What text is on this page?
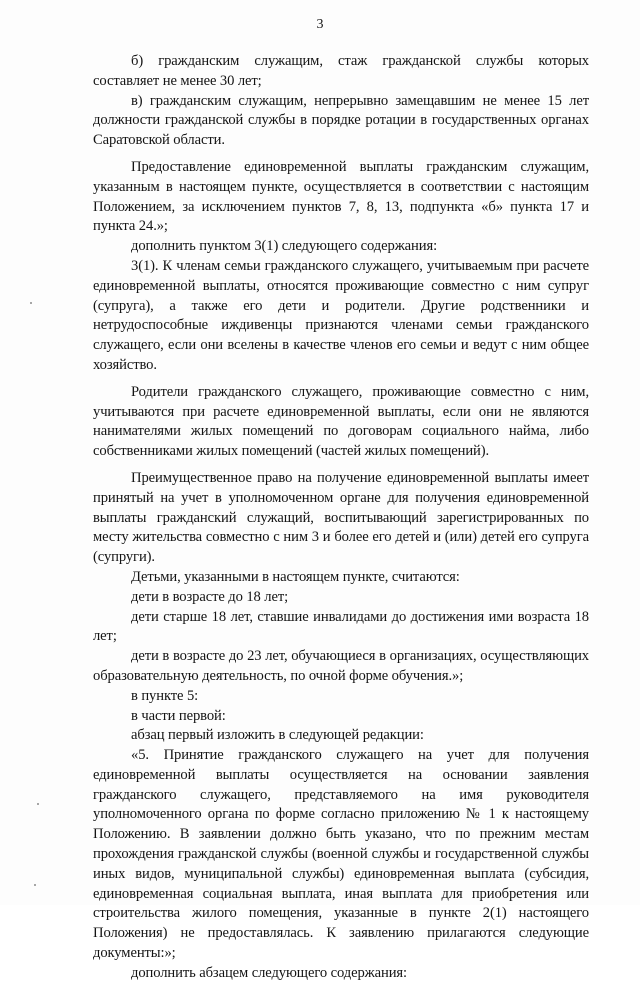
3

б) гражданским служащим, стаж гражданской службы которых составляет не менее 30 лет;

в) гражданским служащим, непрерывно замещавшим не менее 15 лет должности гражданской службы в порядке ротации в государственных органах Саратовской области.

Предоставление единовременной выплаты гражданским служащим, указанным в настоящем пункте, осуществляется в соответствии с настоящим Положением, за исключением пунктов 7, 8, 13, подпункта «б» пункта 17 и пункта 24.»;

дополнить пунктом 3(1) следующего содержания:

3(1). К членам семьи гражданского служащего, учитываемым при расчете единовременной выплаты, относятся проживающие совместно с ним супруг (супруга), а также его дети и родители. Другие родственники и нетрудоспособные иждивенцы признаются членами семьи гражданского служащего, если они вселены в качестве членов его семьи и ведут с ним общее хозяйство.

Родители гражданского служащего, проживающие совместно с ним, учитываются при расчете единовременной выплаты, если они не являются нанимателями жилых помещений по договорам социального найма, либо собственниками жилых помещений (частей жилых помещений).

Преимущественное право на получение единовременной выплаты имеет принятый на учет в уполномоченном органе для получения единовременной выплаты гражданский служащий, воспитывающий зарегистрированных по месту жительства совместно с ним 3 и более его детей и (или) детей его супруга (супруги).

Детьми, указанными в настоящем пункте, считаются:

дети в возрасте до 18 лет;

дети старше 18 лет, ставшие инвалидами до достижения ими возраста 18 лет;

дети в возрасте до 23 лет, обучающиеся в организациях, осуществляющих образовательную деятельность, по очной форме обучения.»;

в пункте 5:

в части первой:

абзац первый изложить в следующей редакции:

«5. Принятие гражданского служащего на учет для получения единовременной выплаты осуществляется на основании заявления гражданского служащего, представляемого на имя руководителя уполномоченного органа по форме согласно приложению № 1 к настоящему Положению. В заявлении должно быть указано, что по прежним местам прохождения гражданской службы (военной службы и государственной службы иных видов, муниципальной службы) единовременная выплата (субсидия, единовременная социальная выплата, иная выплата для приобретения или строительства жилого помещения, указанные в пункте 2(1) настоящего Положения) не предоставлялась. К заявлению прилагаются следующие документы:»;

дополнить абзацем следующего содержания:
